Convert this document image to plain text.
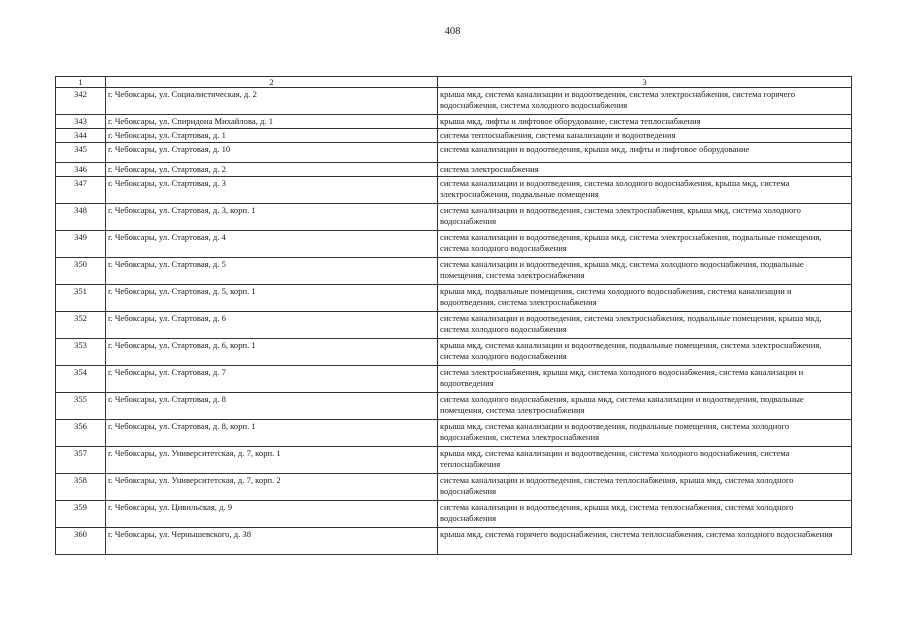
408
1	2	3
342	г. Чебоксары, ул. Социалистическая, д. 2	крыша мкд, система канализации и водоотведения, система электроснабжения, система горячего водоснабжения, система холодного водоснабжения
343	г. Чебоксары, ул. Спиридона Михайлова, д. 1	крыша мкд, лифты и лифтовое оборудование, система теплоснабжения
344	г. Чебоксары, ул. Стартовая, д. 1	система теплоснабжения, система канализации и водоотведения
345	г. Чебоксары, ул. Стартовая, д. 10	система канализации и водоотведения, крыша мкд, лифты и лифтовое оборудование
346	г. Чебоксары, ул. Стартовая, д. 2	система электроснабжения
347	г. Чебоксары, ул. Стартовая, д. 3	система канализации и водоотведения, система холодного водоснабжения, крыша мкд, система электроснабжения, подвальные помещения
348	г. Чебоксары, ул. Стартовая, д. 3, корп. 1	система канализации и водоотведения, система электроснабжения, крыша мкд, система холодного водоснабжения
349	г. Чебоксары, ул. Стартовая, д. 4	система канализации и водоотведения, крыша мкд, система электроснабжения, подвальные помещения, система холодного водоснабжения
350	г. Чебоксары, ул. Стартовая, д. 5	система канализации и водоотведения, крыша мкд, система холодного водоснабжения, подвальные помещения, система электроснабжения
351	г. Чебоксары, ул. Стартовая, д. 5, корп. 1	крыша мкд, подвальные помещения, система холодного водоснабжения, система канализации и водоотведения, система электроснабжения
352	г. Чебоксары, ул. Стартовая, д. 6	система канализации и водоотведения, система электроснабжения, подвальные помещения, крыша мкд, система холодного водоснабжения
353	г. Чебоксары, ул. Стартовая, д. 6, корп. 1	крыша мкд, система канализации и водоотведения, подвальные помещения, система электроснабжения, система холодного водоснабжения
354	г. Чебоксары, ул. Стартовая, д. 7	система электроснабжения, крыша мкд, система холодного водоснабжения, система канализации и водоотведения
355	г. Чебоксары, ул. Стартовая, д. 8	система холодного водоснабжения, крыша мкд, система канализации и водоотведения, подвальные помещения, система электроснабжения
356	г. Чебоксары, ул. Стартовая, д. 8, корп. 1	крыша мкд, система канализации и водоотведения, подвальные помещения, система холодного водоснабжения, система электроснабжения
357	г. Чебоксары, ул. Университетская, д. 7, корп. 1	крыша мкд, система канализации и водоотведения, система холодного водоснабжения, система теплоснабжения
358	г. Чебоксары, ул. Университетская, д. 7, корп. 2	система канализации и водоотведения, система теплоснабжения, крыша мкд, система холодного водоснабжения
359	г. Чебоксары, ул. Цивильская, д. 9	система канализации и водоотведения, крыша мкд, система теплоснабжения, система холодного водоснабжения
360	г. Чебоксары, ул. Чернышевского, д. 38	крыша мкд, система горячего водоснабжения, система теплоснабжения, система холодного водоснабжения
